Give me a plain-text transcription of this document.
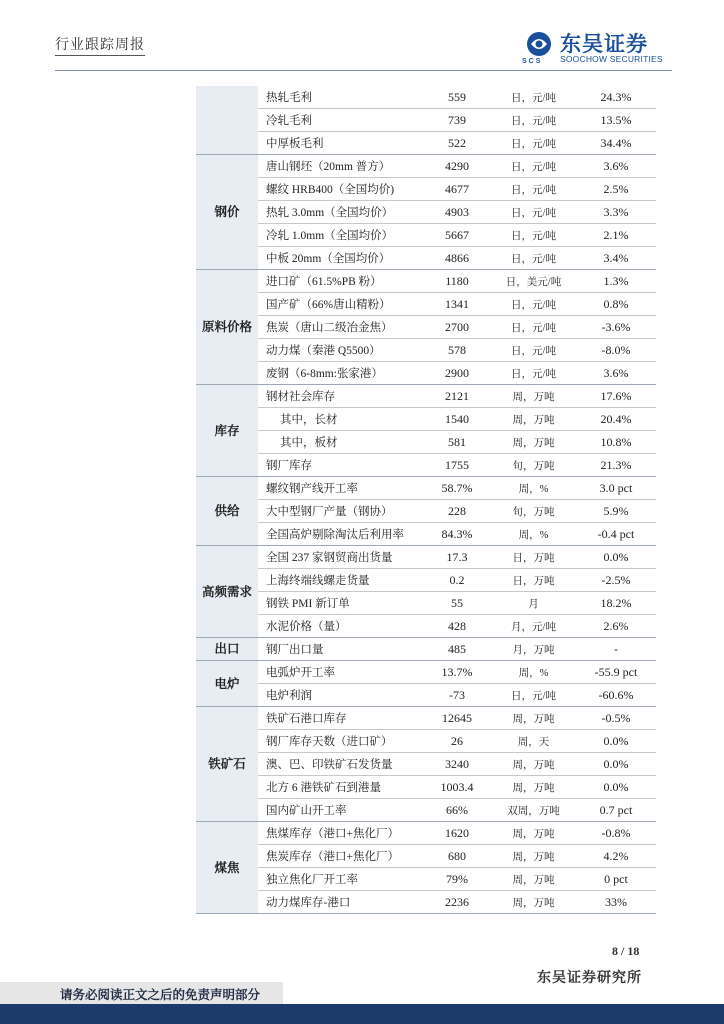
行业跟踪周报
SCS
东吴证券
SOOCHOW SECURITIES
	热轧毛利	559	日，元/吨	24.3%
	冷轧毛利	739	日，元/吨	13.5%
	中厚板毛利	522	日，元/吨	34.4%
钢价	唐山钢坯（20mm 普方）	4290	日，元/吨	3.6%
	螺纹 HRB400（全国均价)	4677	日，元/吨	2.5%
	热轧 3.0mm（全国均价）	4903	日，元/吨	3.3%
	冷轧 1.0mm（全国均价）	5667	日，元/吨	2.1%
	中板 20mm（全国均价）	4866	日，元/吨	3.4%
原料价格	进口矿（61.5%PB 粉）	1180	日，美元/吨	1.3%
	国产矿（66%唐山精粉）	1341	日，元/吨	0.8%
	焦炭（唐山二级冶金焦）	2700	日，元/吨	-3.6%
	动力煤（秦港 Q5500）	578	日，元/吨	-8.0%
	废钢（6-8mm:张家港）	2900	日，元/吨	3.6%
库存	钢材社会库存	2121	周，万吨	17.6%
	其中，长材	1540	周，万吨	20.4%
	其中，板材	581	周，万吨	10.8%
	钢厂库存	1755	旬，万吨	21.3%
供给	螺纹钢产线开工率	58.7%	周，%	3.0 pct
	大中型钢厂产量（钢协）	228	旬，万吨	5.9%
	全国高炉剔除淘汰后利用率	84.3%	周，%	-0.4 pct
高频需求	全国 237 家钢贸商出货量	17.3	日，万吨	0.0%
	上海终端线螺走货量	0.2	日，万吨	-2.5%
	钢铁 PMI 新订单	55	月	18.2%
	水泥价格（量）	428	月，元/吨	2.6%
出口	钢厂出口量	485	月，万吨	-
电炉	电弧炉开工率	13.7%	周，%	-55.9 pct
	电炉利润	-73	日，元/吨	-60.6%
铁矿石	铁矿石港口库存	12645	周，万吨	-0.5%
	钢厂库存天数（进口矿）	26	周，天	0.0%
	澳、巴、印铁矿石发货量	3240	周，万吨	0.0%
	北方 6 港铁矿石到港量	1003.4	周，万吨	0.0%
	国内矿山开工率	66%	双周，万吨	0.7 pct
煤焦	焦煤库存（港口+焦化厂）	1620	周，万吨	-0.8%
	焦炭库存（港口+焦化厂）	680	周，万吨	4.2%
	独立焦化厂开工率	79%	周，万吨	0 pct
	动力煤库存-港口	2236	周，万吨	33%
8 / 18
东吴证券研究所
请务必阅读正文之后的免责声明部分
